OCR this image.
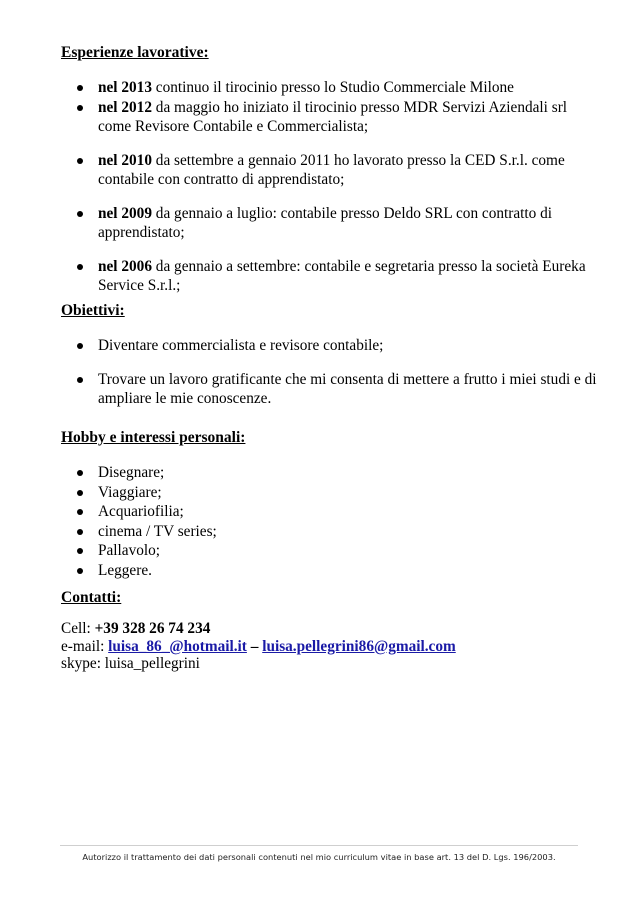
Esperienze lavorative:
nel 2013 continuo il tirocinio presso lo Studio Commerciale Milone
nel 2012 da maggio ho iniziato il tirocinio presso MDR Servizi Aziendali srl come Revisore Contabile e Commercialista;
nel 2010 da settembre a gennaio 2011 ho lavorato presso la CED S.r.l. come contabile con contratto di apprendistato;
nel 2009 da gennaio a luglio: contabile presso Deldo SRL con contratto di apprendistato;
nel 2006 da gennaio a settembre: contabile e segretaria presso la società Eureka Service S.r.l.;
Obiettivi:
Diventare commercialista e revisore contabile;
Trovare un lavoro gratificante che mi consenta di mettere a frutto i miei studi e di ampliare le mie conoscenze.
Hobby e interessi personali:
Disegnare;
Viaggiare;
Acquariofilia;
cinema / TV series;
Pallavolo;
Leggere.
Contatti:
Cell: +39 328 26 74 234
e-mail: luisa_86_@hotmail.it – luisa.pellegrini86@gmail.com
skype: luisa_pellegrini
Autorizzo il trattamento dei dati personali contenuti nel mio curriculum vitae in base art. 13 del D. Lgs. 196/2003.
